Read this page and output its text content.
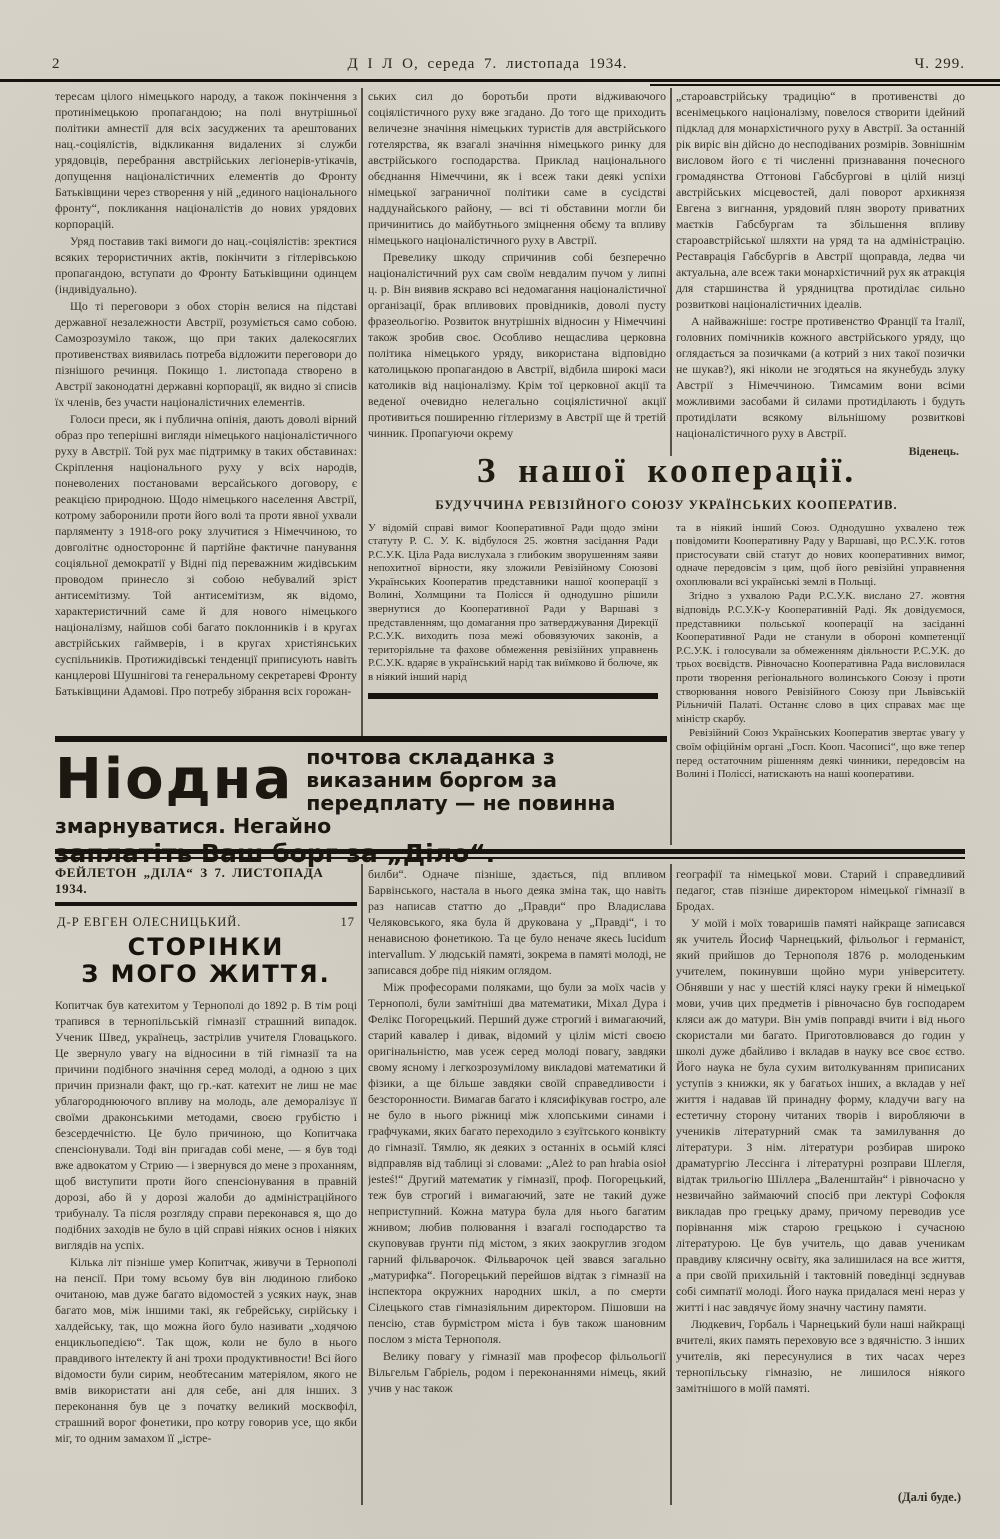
2	Д І Л О, середа 7. листопада 1934.	Ч. 299.

тересам цілого німецького народу, а також покінчення з протинімецькою пропагандою; на полі внутрішньої політики амнестії для всіх засуджених та арештованих нац.-соціялістів, відкликання видалених зі служби урядовців, перебрання австрійських легіонерів-утікачів, допущення націоналістичних елементів до Фронту Батьківщини через створення у ній „единого національного фронту“, покликання націоналістів до нових урядових корпорацій.

Уряд поставив такі вимоги до нац.-соціялістів: зректися всяких терористичних актів, покінчити з гітлерівською пропагандою, вступати до Фронту Батьківщини одинцем (індивідуально).

Що ті переговори з обох сторін велися на підставі державної незалежности Австрії, розуміється само собою. Самозрозуміло також, що при таких далекосяглих противенствах виявилась потреба відложити переговори до пізнішого речинця. Покищо 1. листопада створено в Австрії законодатні державні корпорації, як видно зі списів їх членів, без участи націоналістичних елементів.

Голоси преси, як і публична опінія, дають доволі вірний образ про теперішні вигляди німецького націоналістичного руху в Австрії. Той рух має підтримку в таких обставинах: Скріплення національного руху у всіх народів, поневолених постановами версайського договору, є реакцією природною. Щодо німецького населення Австрії, котрому заборонили проти його волі та проти явної ухвали парляменту з 1918-ого року злучитися з Німеччиною, то довголітнє одностороннє й партійне фактичне панування соціяльної демократії у Відні під переважним жидівським проводом принесло зі собою небувалий зріст антисемітизму. Той антисемітизм, як відомо, характеристичний саме й для нового німецького націоналізму, найшов собі багато поклонників і в кругах австрійських гаймверів, і в кругах христіянських суспільників. Протижидівські тенденції приписують навіть канцлерові Шушнігові та генеральному секретареві Фронту Батьківщини Адамові. Про потребу зібрання всіх горожан-

ських сил до боротьби проти відживаючого соціялістичного руху вже згадано. До того ще приходить величезне значіння німецьких туристів для австрійського готелярства, як взагалі значіння німецького ринку для австрійського господарства. Приклад національного обєднання Німеччини, як і всеж таки деякі успіхи німецької заграничної політики саме в сусідстві наддунайського району, — всі ті обставини могли би причинитись до майбутнього зміцнення обєму та впливу німецького націоналістичного руху в Австрії.

Превелику шкоду спричинив собі безперечно націоналістичний рух сам своїм невдалим пучом у липні ц. р. Він виявив яскраво всі недомагання націоналістичної організації, брак впливових провідників, доволі пусту фразеольогію. Розвиток внутрішніх відносин у Німеччині також зробив своє. Особливо нещаслива церковна політика німецького уряду, використана відповідно католицькою пропагандою в Австрії, відбила широкі маси католиків від націоналізму. Крім тої церковної акції та веденої очевидно нелегально соціялістичної акції противиться поширенню гітлеризму в Австрії ще й третій чинник. Пропагуючи окрему

„староавстрійську традицію“ в противенстві до всенімецького націоналізму, повелося створити ідейний підклад для монархістичного руху в Австрії. За останній рік виріс він дійсно до несподіваних розмірів. Зовнішнім висловом його є ті численні признавання почесного громадянства Оттонові Габсбургові в цілій низці австрійських місцевостей, далі поворот архикнязя Евгена з вигнання, урядовий плян звороту приватних маєтків Габсбургам та збільшення впливу староавстрійської шляхти на уряд та на адміністрацію. Реставрація Габсбургів в Австрії щоправда, ледва чи актуальна, але всеж таки монархістичний рух як атракція для старшинства й урядництва протиділає сильно розвиткові націоналістичних ідеалів.

А найважніше: гостре противенство Франції та Італії, головних помічників кожного австрійського уряду, що оглядається за позичками (а котрий з них такої позички не шукав?), які ніколи не згодяться на якунебудь злуку Австрії з Німеччиною. Тимсамим вони всіми можливими засобами й силами протиділають і будуть протиділати всякому вільнішому розвиткові націоналістичного руху в Австрії.

Віденець.
З нашої кооперації.
БУДУЧЧИНА РЕВІЗІЙНОГО СОЮЗУ УКРАЇНСЬКИХ КООПЕРАТИВ.

У відомій справі вимог Кооперативної Ради щодо зміни статуту Р. С. У. К. відбулося 25. жовтня засідання Ради Р.С.У.К. Ціла Рада вислухала з глибоким зворушенням заяви непохитної вірности, яку зложили Ревізійному Союзові Українських Кооператив представники нашої кооперації з Волині, Холмщини та Полісся й однодушно рішили звернутися до Кооперативної Ради у Варшаві з представленням, що домагання про затверджування Дирекції Р.С.У.К. виходить поза межі обовязуючих законів, а територіяльне та фахове обмеження ревізійних управнень Р.С.У.К. вдаряє в український нарід так виїмково й болюче, як в ніякий інший нарід

та в ніякий інший Союз. Однодушно ухвалено теж повідомити Кооперативну Раду у Варшаві, що Р.С.У.К. готов пристосувати свій статут до нових кооперативних вимог, одначе передовсім з цим, щоб його ревізійні управнення охоплювали всі українські землі в Польщі.

Згідно з ухвалою Ради Р.С.У.К. вислано 27. жовтня відповідь Р.С.У.К-у Кооперативній Раді. Як довідуємося, представники польської кооперації на засіданні Кооперативної Ради не станули в обороні компетенції Р.С.У.К. і голосували за обмеженням діяльности Р.С.У.К. до трьох воєвідств. Рівночасно Кооперативна Рада висловилася проти творення регіонального волинського Союзу і проти створювання нового Ревізійного Союзу при Львівській Рільничій Палаті. Останнє слово в цих справах має ще міністр скарбу.

Ревізійний Союз Українських Кооператив звертає увагу у своїм офіційнім органі „Госп. Кооп. Часописі“, що вже тепер перед остаточним рішенням деякі чинники, передовсім на Волині і Поліссі, натискають на наші кооперативи.

Ніодна почтова складанка з виказаним боргом за передплату — не повинна змарнуватися. Негайно
ФЕЙЛЕТОН „ДІЛА“ З 7. ЛИСТОПАДА 1934.
Д-Р ЕВГЕН ОЛЕСНИЦЬКИЙ.	17
СТОРІНКИ
З МОГО ЖИТТЯ.

Копитчак був катехитом у Тернополі до 1892 р. В тім році трапився в тернопільській гімназії страшний випадок. Ученик Швед, українець, застрілив учителя Гловацького. Це звернуло увагу на відносини в тій гімназії та на причини подібного значіння серед молоді, а одною з цих причин признали факт, що гр.-кат. катехит не лиш не має ублагороднюючого впливу на молодь, але деморалізує її своїми драконськими методами, своєю грубістю і безсердечністю. Це було причиною, що Копитчака спенсіонували. Тоді він пригадав собі мене, — я був тоді вже адвокатом у Стрию — і звернувся до мене з проханням, щоб виступити проти його спенсіонування в правній дорозі, або й у дорозі жалоби до адміністраційного трибуналу. Та після розгляду справи переконався я, що до подібних заходів не було в цій справі ніяких основ і ніяких виглядів на успіх.

Кілька літ пізніше умер Копитчак, живучи в Тернополі на пенсії. При тому всьому був він людиною глибоко очитаною, мав дуже багато відомостей з усяких наук, знав багато мов, між іншими такі, як гебрейську, сирійську і халдейську, так, що можна його було називати „ходячою енцикльопедією“. Так щож, коли не було в нього правдивого інтелекту й ані трохи продуктивности! Всі його відомости були сирим, необтесаним матеріялом, якого не вмів використати ані для себе, ані для інших. З переконання був це з початку великий москвофіл, страшний ворог фонетики, про котру говорив усе, що якби міг, то одним замахом її „істре-

билби“. Одначе пізніше, здається, під впливом Барвінського, настала в нього деяка зміна так, що навіть раз написав статтю до „Правди“ про Владислава Челяковського, яка була й друкована у „Правді“, і то ненависною фонетикою. Та це було неначе якесь lucidum intervallum. У людській памяті, зокрема в памяті молоді, не записався добре під ніяким оглядом.

Між професорами поляками, що були за моїх часів у Тернополі, були замітніші два математики, Міхал Дура і Фелікс Погорецький. Перший дуже строгий і вимагаючий, старий кавалер і дивак, відомий у цілім місті своєю оригінальністю, мав усеж серед молоді повагу, завдяки свому ясному і легкозрозумілому викладові математики й фізики, а ще більше завдяки своїй справедливости і безсторонности. Вимагав багато і клясифікував гостро, але не було в нього ріжниці між хлопськими синами і графчуками, яких багато переходило з єзуїтського конвікту до гімназії. Тямлю, як деяких з останніх в осьмій клясі відправляв від таблиці зі словами: „Ależ to pan hrabia osioł jesteś!“ Другий математик у гімназії, проф. Погорецький, теж був строгий і вимагаючий, зате не такий дуже неприступний. Кожна матура була для нього багатим жнивом; любив полювання і взагалі господарство та скуповував ґрунти під містом, з яких заокруглив згодом гарний фільварочок. Фільварочок цей звався загально „матурифка“. Погорецький перейшов відтак з гімназії на інспектора окружних народних шкіл, а по смерти Сілецького став гімназіяльним директором. Пішовши на пенсію, став бурмістром міста і був також шановним послом з міста Тернополя.

Велику повагу у гімназії мав професор фільольогії Вільгельм Габріель, родом і переконаннями німець, який учив у нас також

географії та німецької мови. Старий і справедливий педагог, став пізніше директором німецької гімназії в Бродах.

У моїй і моїх товаришів памяті найкраще записався як учитель Йосиф Чарнецький, фільольог і германіст, який прийшов до Тернополя 1876 р. молоденьким учителем, покинувши щойно мури університету. Обнявши у нас у шестій клясі науку греки й німецької мови, учив цих предметів і рівночасно був господарем кляси аж до матури. Він умів поправді вчити і від нього скористали ми багато. Приготовлювався до годин у школі дуже дбайливо і вкладав в науку все своє єство. Його наука не була сухим витолкуванням приписаних уступів з книжки, як у багатьох інших, а вкладав у неї життя і надавав їй принадну форму, кладучи вагу на естетичну сторону читаних творів і виробляючи в учеників літературний смак та замилування до літератури. З нім. літератури розбирав широко драматургію Лессінга і літературні розправи Шлегля, відтак трильогію Шіллера „Валенштайн“ і рівночасно у незвичайно займаючий спосіб при лектурі Софокля викладав про грецьку драму, причому переводив усе порівнання між старою грецькою і сучасною літературою. Це був учитель, що давав ученикам правдиву клясичну освіту, яка залишилася на все життя, а при своїй прихильній і тактовній поведінці зєднував собі симпатії молоді. Його наука придалася мені нераз у житті і нас завдячує йому значну частину памяти.

Людкевич, Горбаль і Чарнецький були наші найкращі вчителі, яких память переховую все з вдячністю. З інших учителів, які пересунулися в тих часах через тернопільську гімназію, не лишилося ніякого замітнішого в моїй памяті.

(Далі буде.)
